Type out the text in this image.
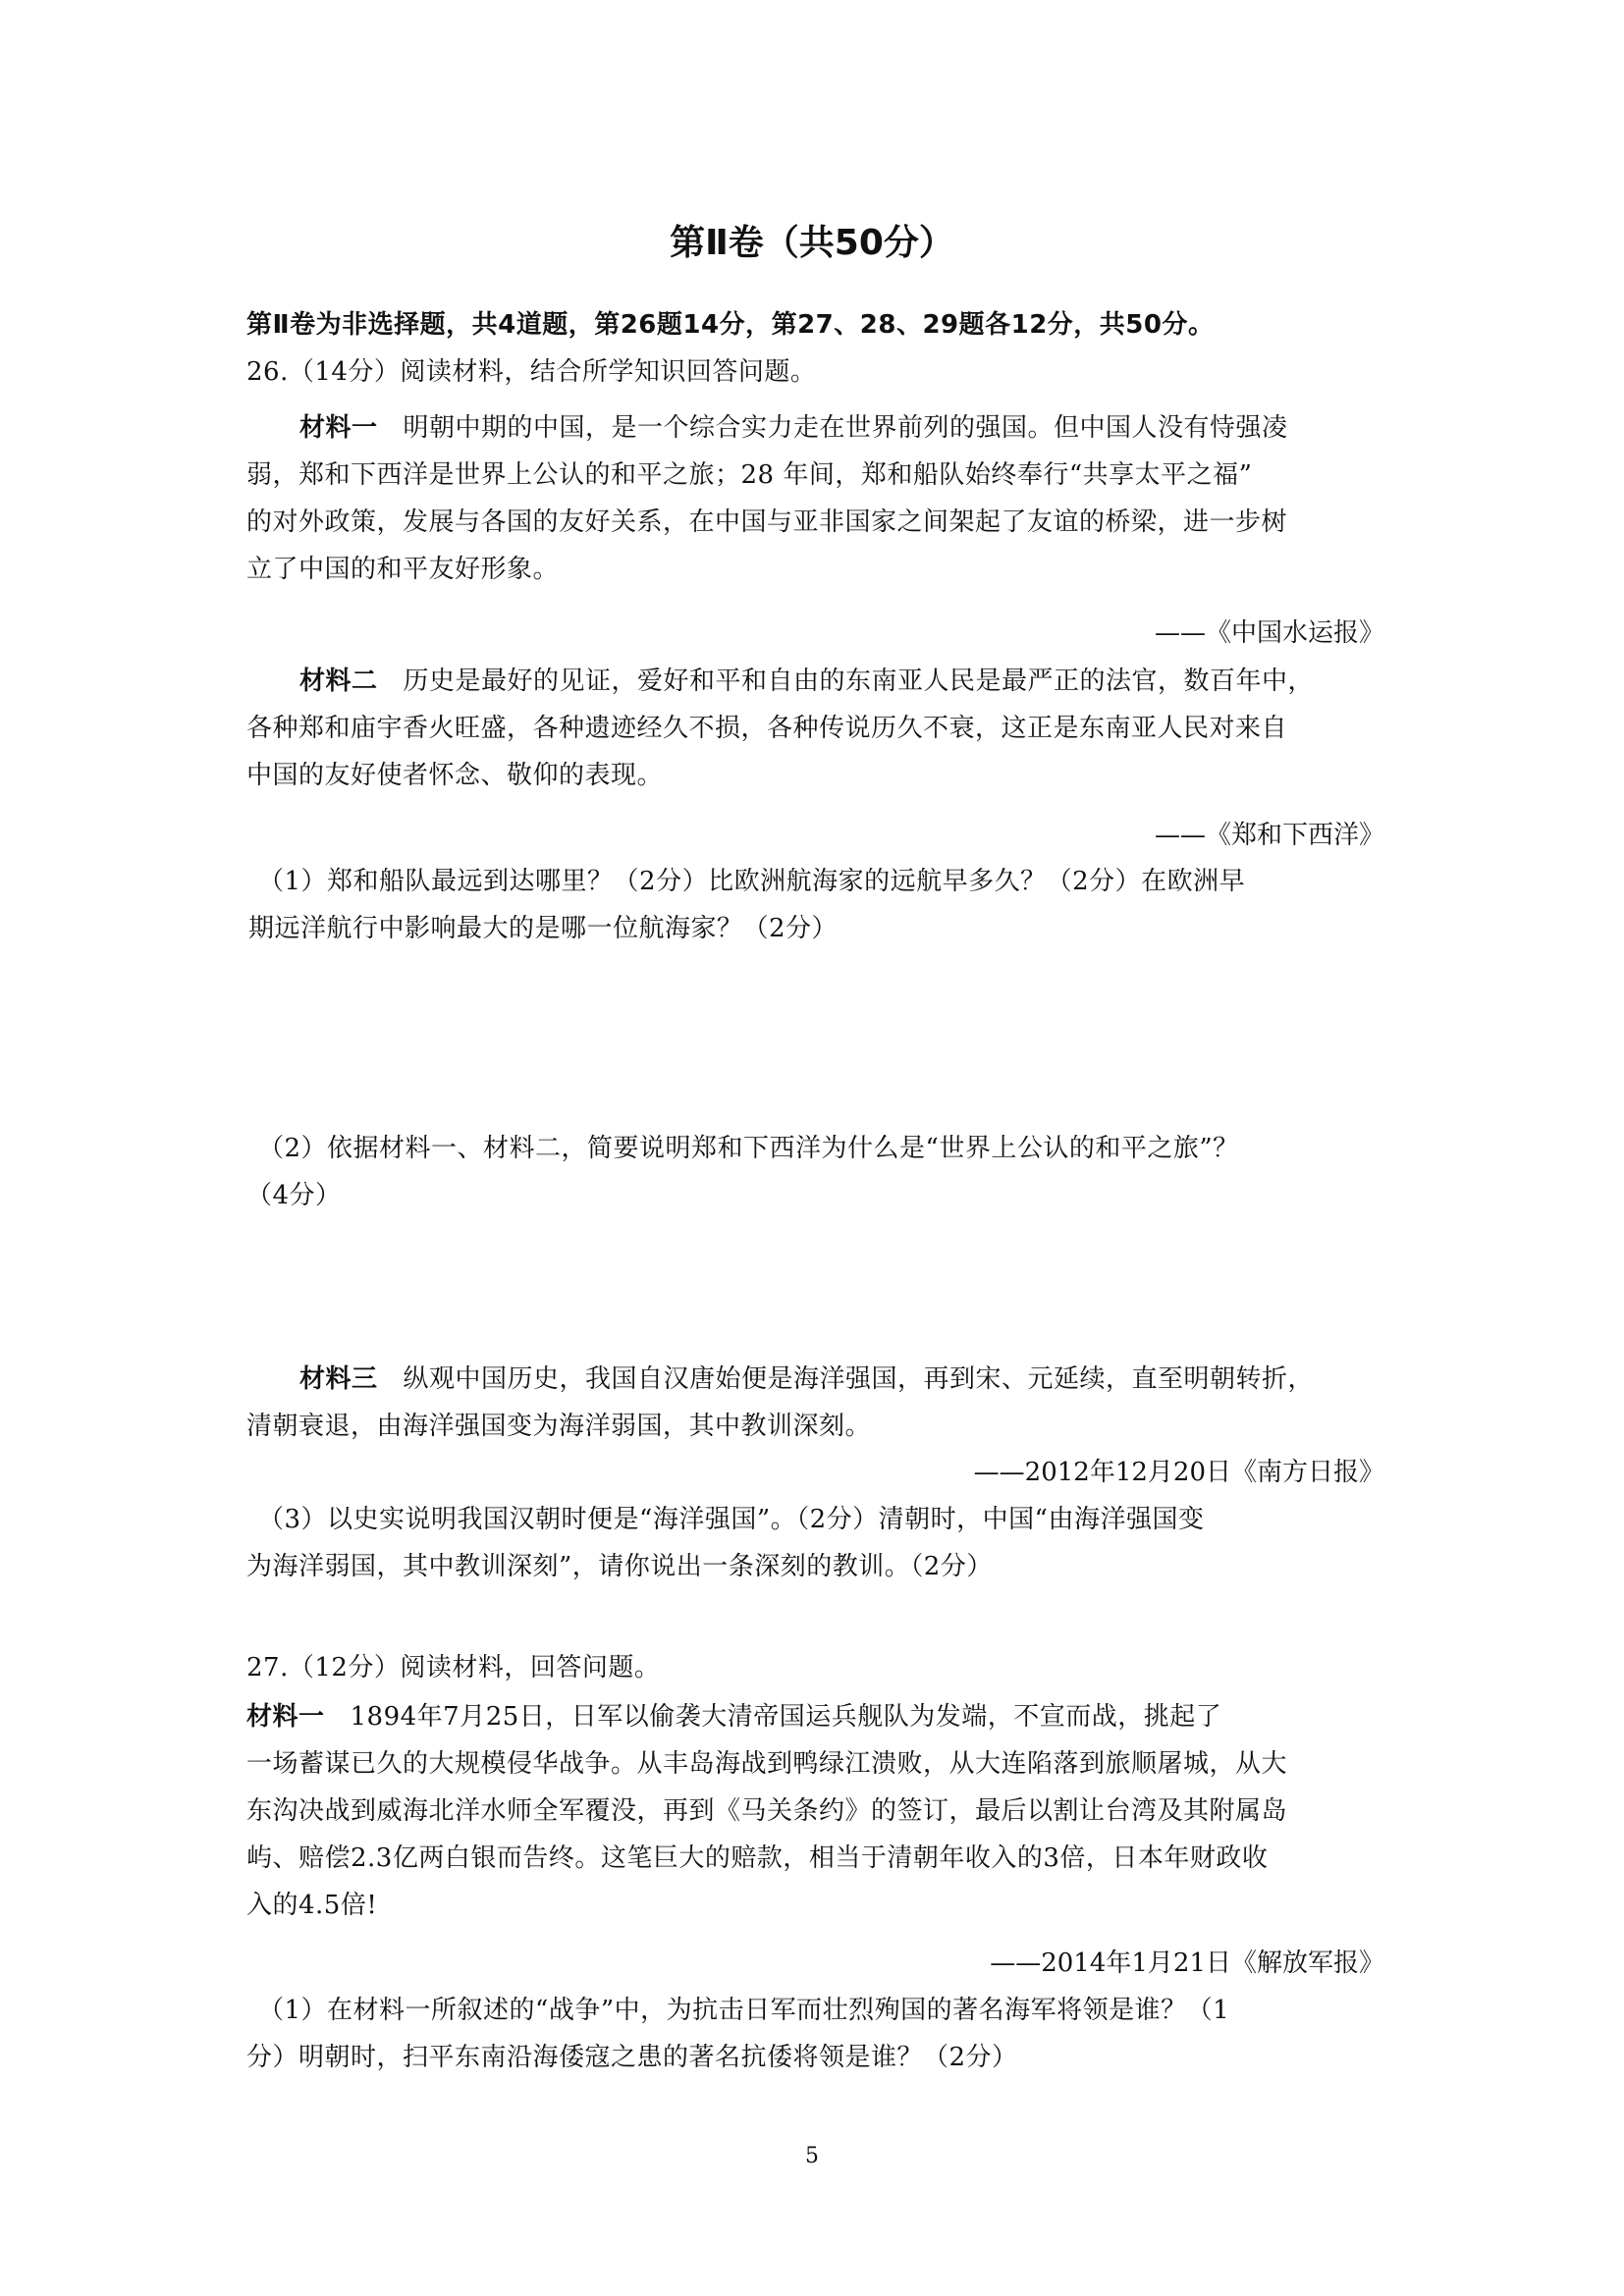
第Ⅱ卷（共50分）
第Ⅱ卷为非选择题，共4道题，第26题14分，第27、28、29题各12分，共50分。
26.（14分）阅读材料，结合所学知识回答问题。
材料一 明朝中期的中国，是一个综合实力走在世界前列的强国。但中国人没有恃强凌
弱，郑和下西洋是世界上公认的和平之旅；28 年间，郑和船队始终奉行“共享太平之福”
的对外政策，发展与各国的友好关系，在中国与亚非国家之间架起了友谊的桥梁，进一步树
立了中国的和平友好形象。
——《中国水运报》
材料二 历史是最好的见证，爱好和平和自由的东南亚人民是最严正的法官，数百年中，
各种郑和庙宇香火旺盛，各种遗迹经久不损，各种传说历久不衰，这正是东南亚人民对来自
中国的友好使者怀念、敬仰的表现。
——《郑和下西洋》
（1）郑和船队最远到达哪里？（2分）比欧洲航海家的远航早多久？（2分）在欧洲早
期远洋航行中影响最大的是哪一位航海家？（2分）
（2）依据材料一、材料二，简要说明郑和下西洋为什么是“世界上公认的和平之旅”？
（4分）
材料三 纵观中国历史，我国自汉唐始便是海洋强国，再到宋、元延续，直至明朝转折，
清朝衰退，由海洋强国变为海洋弱国，其中教训深刻。
——2012年12月20日《南方日报》
（3）以史实说明我国汉朝时便是“海洋强国”。（2分）清朝时，中国“由海洋强国变
为海洋弱国，其中教训深刻”，请你说出一条深刻的教训。（2分）
27.（12分）阅读材料，回答问题。
材料一 1894年7月25日，日军以偷袭大清帝国运兵舰队为发端，不宣而战，挑起了
一场蓄谋已久的大规模侵华战争。从丰岛海战到鸭绿江溃败，从大连陷落到旅顺屠城，从大
东沟决战到威海北洋水师全军覆没，再到《马关条约》的签订，最后以割让台湾及其附属岛
屿、赔偿2.3亿两白银而告终。这笔巨大的赔款，相当于清朝年收入的3倍，日本年财政收
入的4.5倍!
——2014年1月21日《解放军报》
（1）在材料一所叙述的“战争”中，为抗击日军而壮烈殉国的著名海军将领是谁？（1
分）明朝时，扫平东南沿海倭寇之患的著名抗倭将领是谁？（2分）
5
